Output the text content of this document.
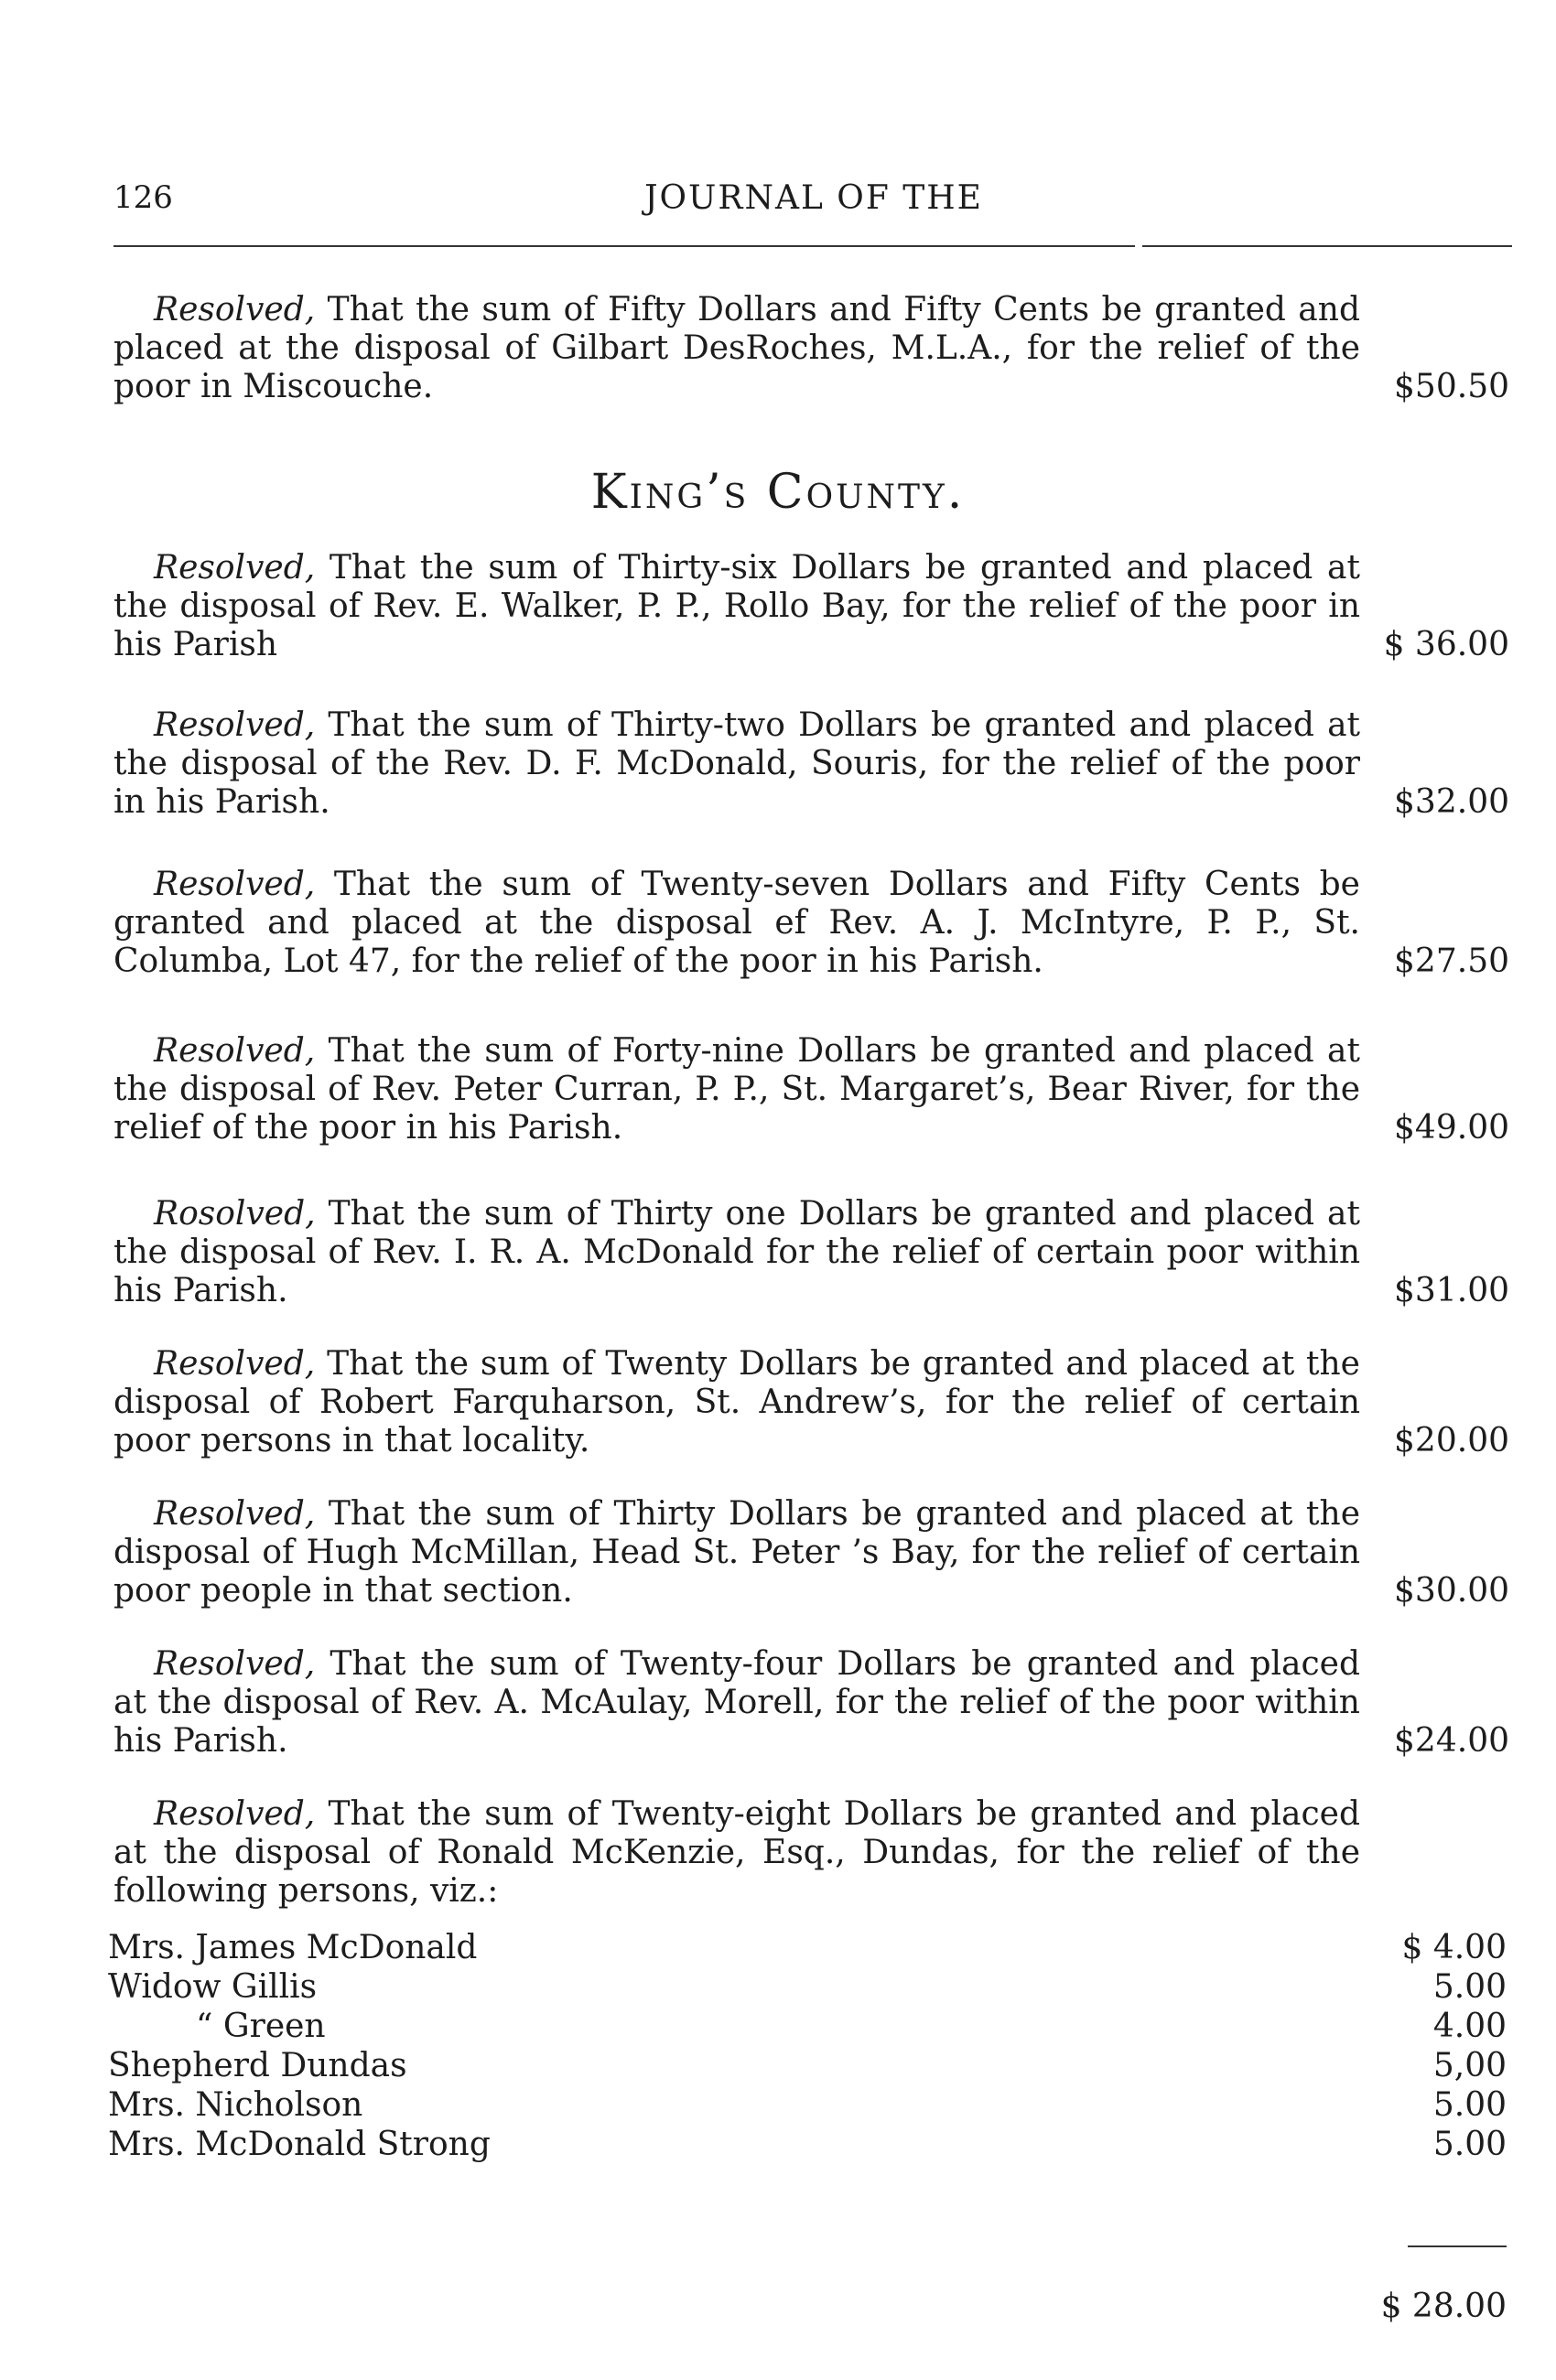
126	JOURNAL OF THE
Resolved, That the sum of Fifty Dollars and Fifty Cents be granted and placed at the disposal of Gilbart DesRoches, M.L.A., for the relief of the poor in Miscouche.	$50.50
King’s County.
Resolved, That the sum of Thirty-six Dollars be granted and placed at the disposal of Rev. E. Walker, P. P., Rollo Bay, for the relief of the poor in his Parish	$ 36.00
Resolved, That the sum of Thirty-two Dollars be granted and placed at the disposal of the Rev. D. F. McDonald, Souris, for the relief of the poor in his Parish.	$32.00
Resolved, That the sum of Twenty-seven Dollars and Fifty Cents be granted and placed at the disposal ef Rev. A. J. McIntyre, P. P., St. Columba, Lot 47, for the relief of the poor in his Parish.	$27.50
Resolved, That the sum of Forty-nine Dollars be granted and placed at the disposal of Rev. Peter Curran, P. P., St. Margaret’s, Bear River, for the relief of the poor in his Parish.	$49.00
Rosolved, That the sum of Thirty one Dollars be granted and placed at the disposal of Rev. I. R. A. McDonald for the relief of certain poor within his Parish.	$31.00
Resolved, That the sum of Twenty Dollars be granted and placed at the disposal of Robert Farquharson, St. Andrew’s, for the relief of certain poor persons in that locality.	$20.00
Resolved, That the sum of Thirty Dollars be granted and placed at the disposal of Hugh McMillan, Head St. Peter ’s Bay, for the relief of certain poor people in that section.	$30.00
Resolved, That the sum of Twenty-four Dollars be granted and placed at the disposal of Rev. A. McAulay, Morell, for the relief of the poor within his Parish.	$24.00
Resolved, That the sum of Twenty-eight Dollars be granted and placed at the disposal of Ronald McKenzie, Esq., Dundas, for the relief of the following persons, viz.:
Mrs. James McDonald	$ 4.00
Widow Gillis	5.00
“ Green	4.00
Shepherd Dundas	5,00
Mrs. Nicholson	5.00
Mrs. McDonald Strong	5.00
$ 28.00
